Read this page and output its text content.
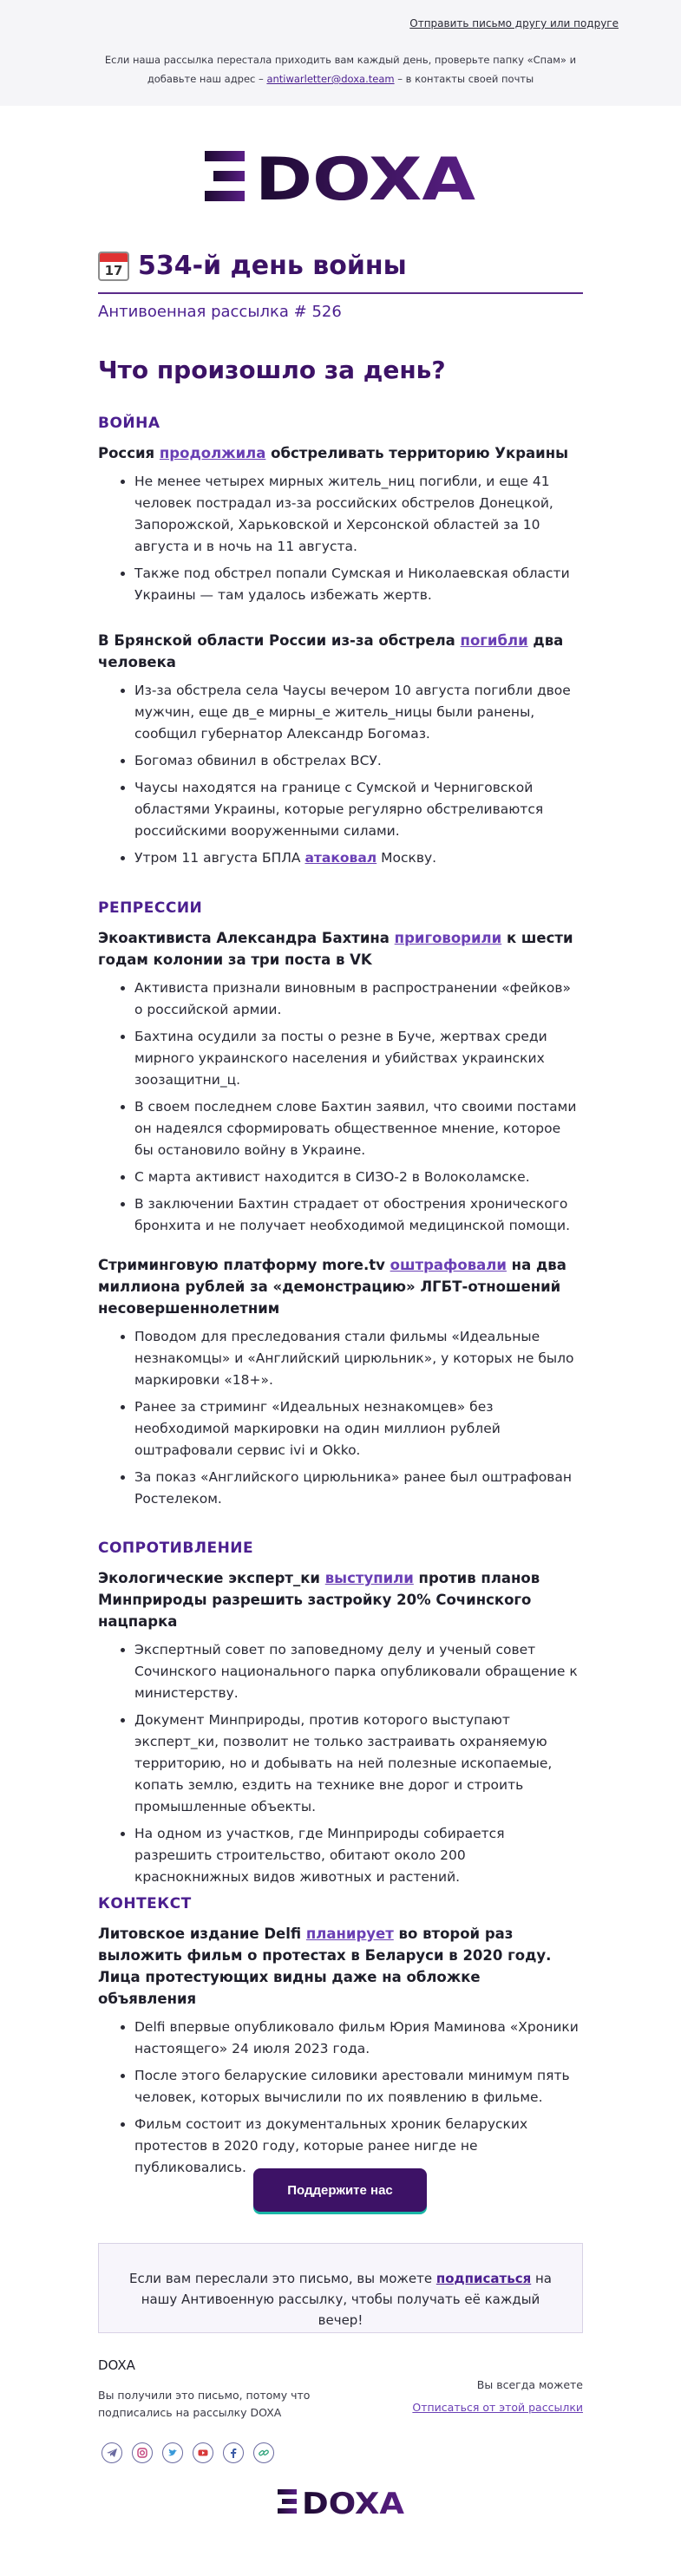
Отправить письмо другу или подруге
Если наша рассылка перестала приходить вам каждый день, проверьте папку «Спам» и
добавьте наш адрес – antiwarletter@doxa.team – в контакты своей почты
DOXA
17 534-й день войны
Антивоенная рассылка # 526
Что произошло за день?
ВОЙНА
Россия продолжила обстреливать территорию Украины
• Не менее четырех мирных житель_ниц погибли, и еще 41 человек пострадал из-за российских обстрелов Донецкой, Запорожской, Харьковской и Херсонской областей за 10 августа и в ночь на 11 августа.
• Также под обстрел попали Сумская и Николаевская области Украины — там удалось избежать жертв.
В Брянской области России из-за обстрела погибли два человека
• Из-за обстрела села Чаусы вечером 10 августа погибли двое мужчин, еще дв_е мирны_е житель_ницы были ранены, сообщил губернатор Александр Богомаз.
• Богомаз обвинил в обстрелах ВСУ.
• Чаусы находятся на границе с Сумской и Черниговской областями Украины, которые регулярно обстреливаются российскими вооруженными силами.
• Утром 11 августа БПЛА атаковал Москву.
РЕПРЕССИИ
Экоактивиста Александра Бахтина приговорили к шести годам колонии за три поста в VK
• Активиста признали виновным в распространении «фейков» о российской армии.
• Бахтина осудили за посты о резне в Буче, жертвах среди мирного украинского населения и убийствах украинских зоозащитни_ц.
• В своем последнем слове Бахтин заявил, что своими постами он надеялся сформировать общественное мнение, которое бы остановило войну в Украине.
• С марта активист находится в СИЗО-2 в Волоколамске.
• В заключении Бахтин страдает от обострения хронического бронхита и не получает необходимой медицинской помощи.
Стриминговую платформу more.tv оштрафовали на два миллиона рублей за «демонстрацию» ЛГБТ-отношений несовершеннолетним
• Поводом для преследования стали фильмы «Идеальные незнакомцы» и «Английский цирюльник», у которых не было маркировки «18+».
• Ранее за стриминг «Идеальных незнакомцев» без необходимой маркировки на один миллион рублей оштрафовали сервис ivi и Okko.
• За показ «Английского цирюльника» ранее был оштрафован Ростелеком.
СОПРОТИВЛЕНИЕ
Экологические эксперт_ки выступили против планов Минприроды разрешить застройку 20% Сочинского нацпарка
• Экспертный совет по заповедному делу и ученый совет Сочинского национального парка опубликовали обращение к министерству.
• Документ Минприроды, против которого выступают эксперт_ки, позволит не только застраивать охраняемую территорию, но и добывать на ней полезные ископаемые, копать землю, ездить на технике вне дорог и строить промышленные объекты.
• На одном из участков, где Минприроды собирается разрешить строительство, обитают около 200 краснокнижных видов животных и растений.
КОНТЕКСТ
Литовское издание Delfi планирует во второй раз выложить фильм о протестах в Беларуси в 2020 году. Лица протестующих видны даже на обложке объявления
• Delfi впервые опубликовало фильм Юрия Маминова «Хроники настоящего» 24 июля 2023 года.
• После этого беларуские силовики арестовали минимум пять человек, которых вычислили по их появлению в фильме.
• Фильм состоит из документальных хроник беларуских протестов в 2020 году, которые ранее нигде не публиковались.
Поддержите нас
Если вам переслали это письмо, вы можете подписаться на нашу Антивоенную рассылку, чтобы получать её каждый вечер!
DOXA
Вы получили это письмо, потому что подписались на рассылку DOXA
Вы всегда можете
Отписаться от этой рассылки
DOXA
